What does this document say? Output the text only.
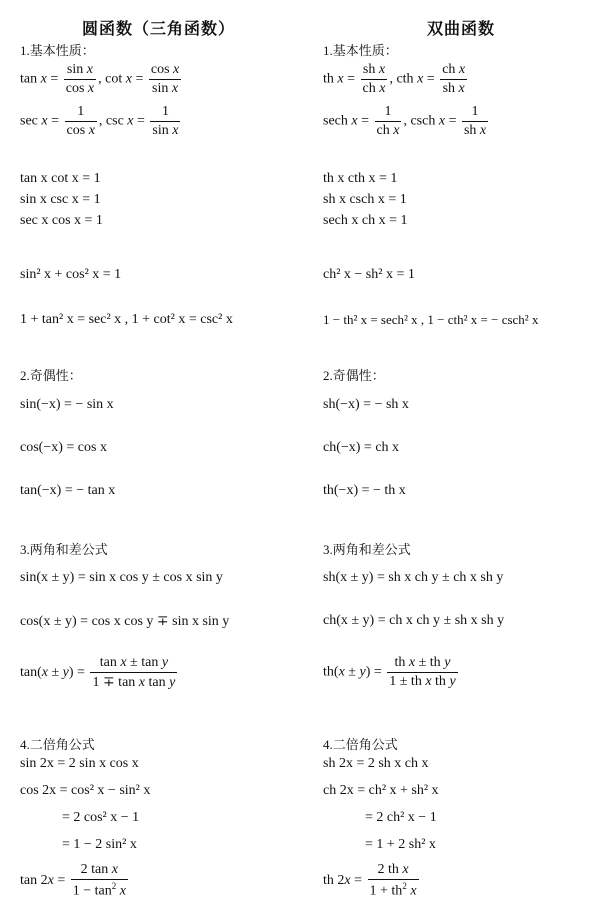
圆函数（三角函数）
1.基本性质：
$\tan x = \frac{\text{sin x}}{\text{cos x}}$ , $\cot x = \frac{\text{cos x}}{\text{sin x}}$
$\sec x = \frac{1}{\text{cos x}}$ , $\csc x = \frac{1}{\text{sin x}}$
tan x cot x = 1
sin x csc x = 1
sec x cos x = 1
sin² x + cos² x = 1
1 + tan² x = sec² x , 1 + cot² x = csc² x
2.奇偶性：
sin(−x) = − sin x
cos(−x) = cos x
tan(−x) = − tan x
3.两角和差公式
sin(x ± y) = sin x cos y ± cos x sin y
cos(x ± y) = cos x cos y ∓ sin x sin y
$\tan(x \pm y) = \frac{\text{tan x ± tan y}}{\text{1 ∓ tan x tan y}}$
4.二倍角公式
sin 2x = 2 sin x cos x
cos 2x = cos² x − sin² x
= 2 cos² x − 1
= 1 − 2 sin² x
$\tan 2x = \frac{\text{2 tan x}}{1 - \tan^2 x}$
双曲函数
1.基本性质：
th $x = \frac{\text{sh x}}{\text{ch x}}$ , cth $x = \frac{\text{ch x}}{\text{sh x}}$
sech $x = \frac{1}{\text{ch x}}$ , csch $x = \frac{1}{\text{sh x}}$
th x cth x = 1
sh x csch x = 1
sech x ch x = 1
ch² x − sh² x = 1
1 − th² x = sech² x , 1 − cth² x = − csch² x
2.奇偶性：
sh(−x) = − sh x
ch(−x) = ch x
th(−x) = − th x
3.两角和差公式
sh(x ± y) = sh x ch y ± ch x sh y
ch(x ± y) = ch x ch y ± sh x sh y
$th(x \pm y) = \frac{\text{th x ± th y}}{\text{1 ± th x th y}}$
4.二倍角公式
sh 2x = 2 sh x ch x
ch 2x = ch² x + sh² x
= 2 ch² x − 1
= 1 + 2 sh² x
th $2x = \frac{\text{2 th x}}{1 + th^2 x}$
